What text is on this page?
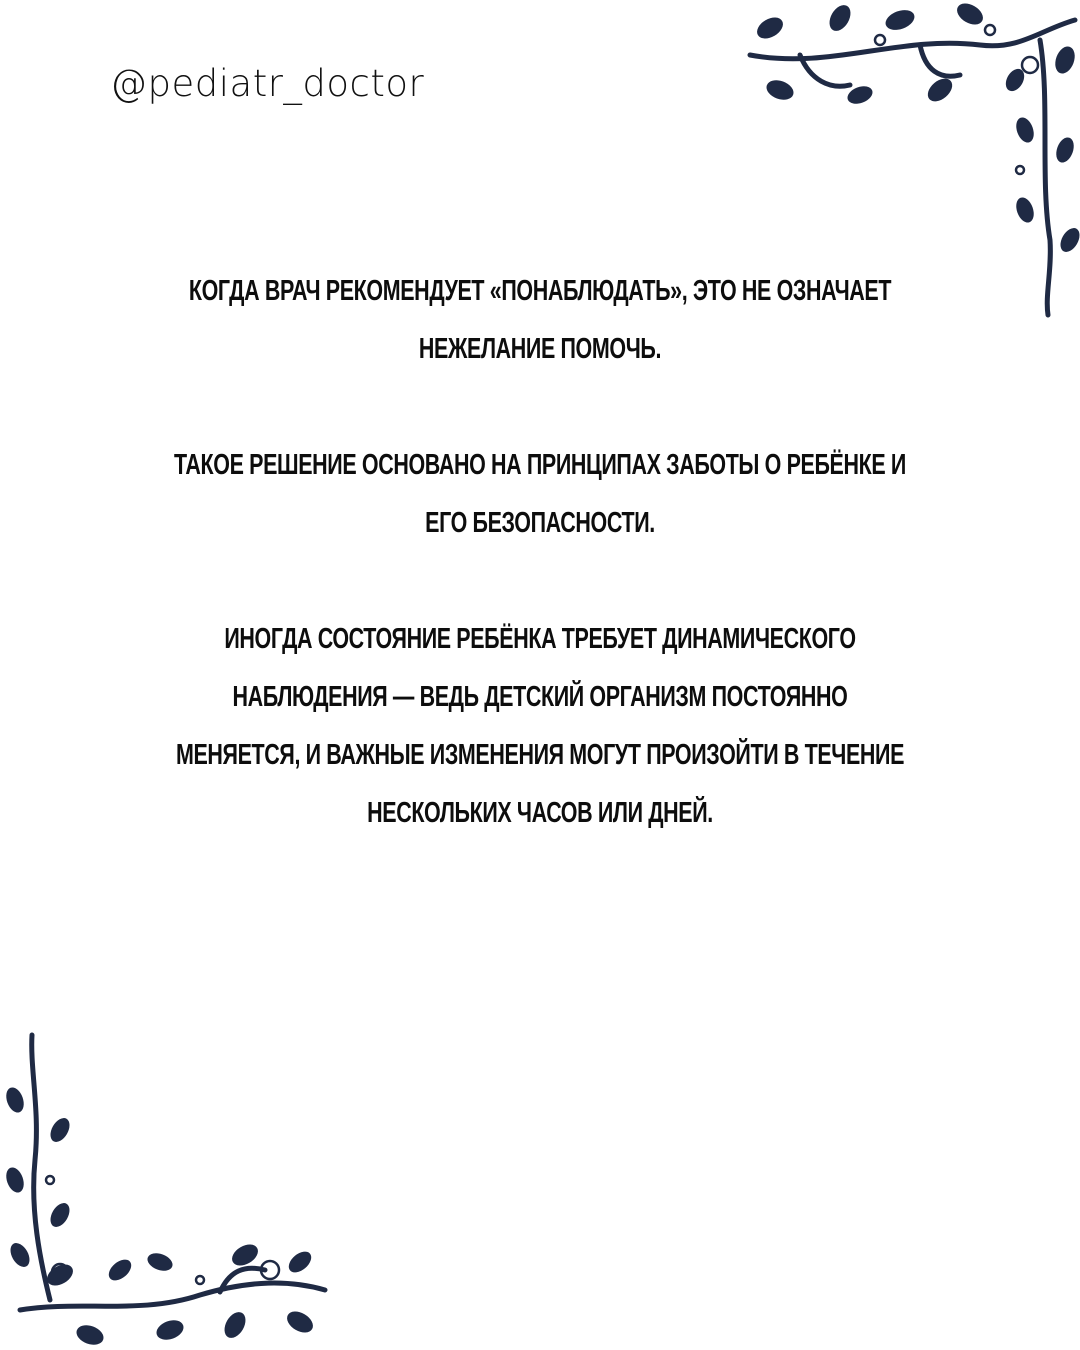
@pediatr_doctor

КОГДА ВРАЧ РЕКОМЕНДУЕТ «ПОНАБЛЮДАТЬ», ЭТО НЕ ОЗНАЧАЕТ НЕЖЕЛАНИЕ ПОМОЧЬ.

ТАКОЕ РЕШЕНИЕ ОСНОВАНО НА ПРИНЦИПАХ ЗАБОТЫ О РЕБЁНКЕ И ЕГО БЕЗОПАСНОСТИ.

ИНОГДА СОСТОЯНИЕ РЕБЁНКА ТРЕБУЕТ ДИНАМИЧЕСКОГО НАБЛЮДЕНИЯ — ВЕДЬ ДЕТСКИЙ ОРГАНИЗМ ПОСТОЯННО МЕНЯЕТСЯ, И ВАЖНЫЕ ИЗМЕНЕНИЯ МОГУТ ПРОИЗОЙТИ В ТЕЧЕНИЕ НЕСКОЛЬКИХ ЧАСОВ ИЛИ ДНЕЙ.
